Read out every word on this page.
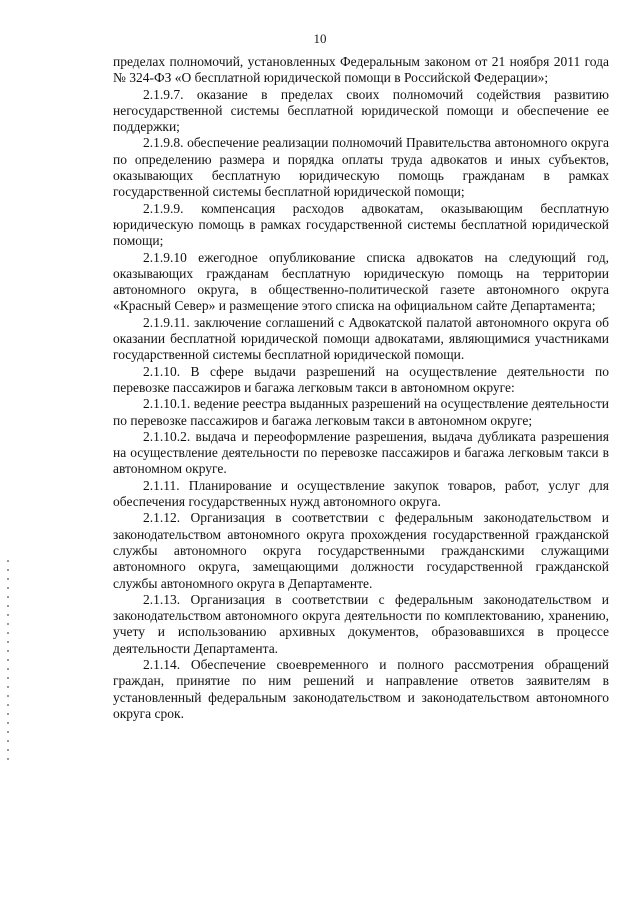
10

пределах полномочий, установленных Федеральным законом от 21 ноября 2011 года № 324-ФЗ «О бесплатной юридической помощи в Российской Федерации»;

2.1.9.7. оказание в пределах своих полномочий содействия развитию негосударственной системы бесплатной юридической помощи и обеспечение ее поддержки;

2.1.9.8. обеспечение реализации полномочий Правительства автономного округа по определению размера и порядка оплаты труда адвокатов и иных субъектов, оказывающих бесплатную юридическую помощь гражданам в рамках государственной системы бесплатной юридической помощи;

2.1.9.9. компенсация расходов адвокатам, оказывающим бесплатную юридическую помощь в рамках государственной системы бесплатной юридической помощи;

2.1.9.10 ежегодное опубликование списка адвокатов на следующий год, оказывающих гражданам бесплатную юридическую помощь на территории автономного округа, в общественно-политической газете автономного округа «Красный Север» и размещение этого списка на официальном сайте Департамента;

2.1.9.11. заключение соглашений с Адвокатской палатой автономного округа об оказании бесплатной юридической помощи адвокатами, являющимися участниками государственной системы бесплатной юридической помощи.

2.1.10. В сфере выдачи разрешений на осуществление деятельности по перевозке пассажиров и багажа легковым такси в автономном округе:

2.1.10.1. ведение реестра выданных разрешений на осуществление деятельности по перевозке пассажиров и багажа легковым такси в автономном округе;

2.1.10.2. выдача и переоформление разрешения, выдача дубликата разрешения на осуществление деятельности по перевозке пассажиров и багажа легковым такси в автономном округе.

2.1.11. Планирование и осуществление закупок товаров, работ, услуг для обеспечения государственных нужд автономного округа.

2.1.12. Организация в соответствии с федеральным законодательством и законодательством автономного округа прохождения государственной гражданской службы автономного округа государственными гражданскими служащими автономного округа, замещающими должности государственной гражданской службы автономного округа в Департаменте.

2.1.13. Организация в соответствии с федеральным законодательством и законодательством автономного округа деятельности по комплектованию, хранению, учету и использованию архивных документов, образовавшихся в процессе деятельности Департамента.

2.1.14. Обеспечение своевременного и полного рассмотрения обращений граждан, принятие по ним решений и направление ответов заявителям в установленный федеральным законодательством и законодательством автономного округа срок.
